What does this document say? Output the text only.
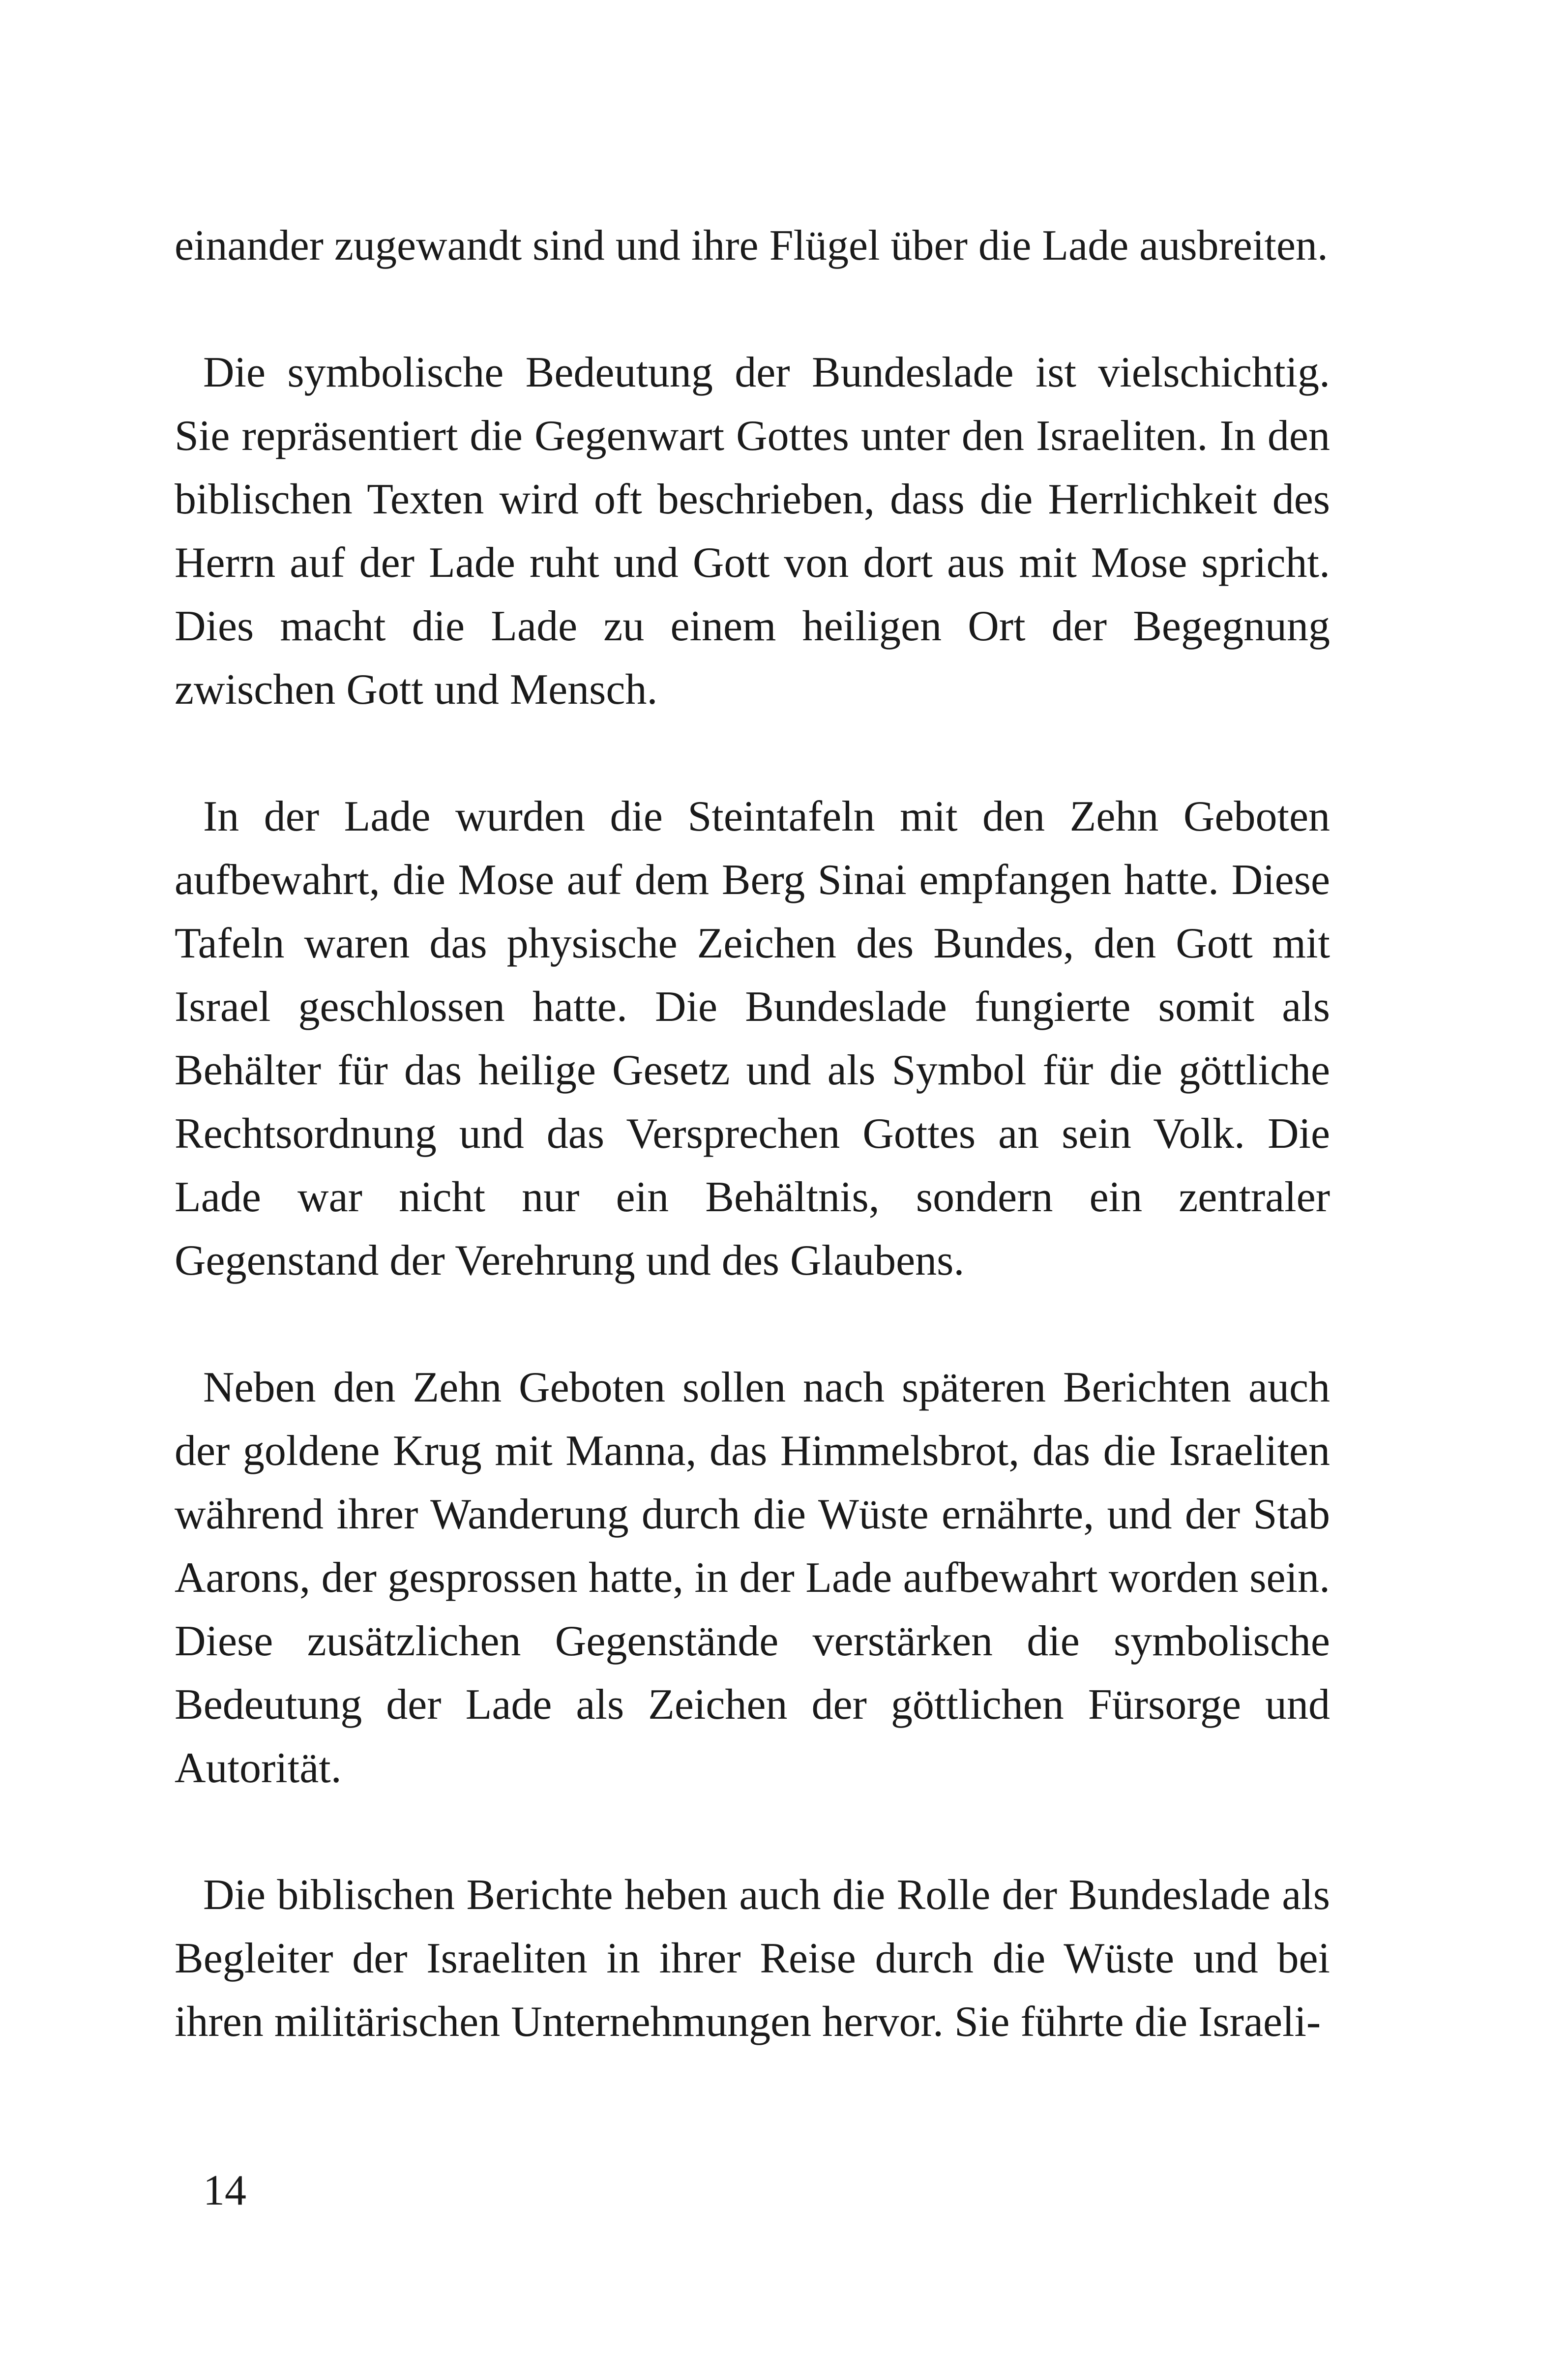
einander zugewandt sind und ihre Flügel über die Lade ausbreiten.

Die symbolische Bedeutung der Bundeslade ist vielschichtig. Sie repräsentiert die Gegenwart Gottes unter den Israeliten. In den biblischen Texten wird oft beschrieben, dass die Herrlichkeit des Herrn auf der Lade ruht und Gott von dort aus mit Mose spricht. Dies macht die Lade zu einem heiligen Ort der Begegnung zwischen Gott und Mensch.

In der Lade wurden die Steintafeln mit den Zehn Geboten aufbewahrt, die Mose auf dem Berg Sinai empfangen hatte. Diese Tafeln waren das physische Zeichen des Bundes, den Gott mit Israel geschlossen hatte. Die Bundeslade fungierte somit als Behälter für das heilige Gesetz und als Symbol für die göttliche Rechtsordnung und das Versprechen Gottes an sein Volk. Die Lade war nicht nur ein Behältnis, sondern ein zentraler Gegenstand der Verehrung und des Glaubens.

Neben den Zehn Geboten sollen nach späteren Berichten auch der goldene Krug mit Manna, das Himmelsbrot, das die Israeliten während ihrer Wanderung durch die Wüste ernährte, und der Stab Aarons, der gesprossen hatte, in der Lade aufbewahrt worden sein. Diese zusätzlichen Gegenstände verstärken die symbolische Bedeutung der Lade als Zeichen der göttlichen Fürsorge und Autorität.

Die biblischen Berichte heben auch die Rolle der Bundeslade als Begleiter der Israeliten in ihrer Reise durch die Wüste und bei ihren militärischen Unternehmungen hervor. Sie führte die Israeli-

14
